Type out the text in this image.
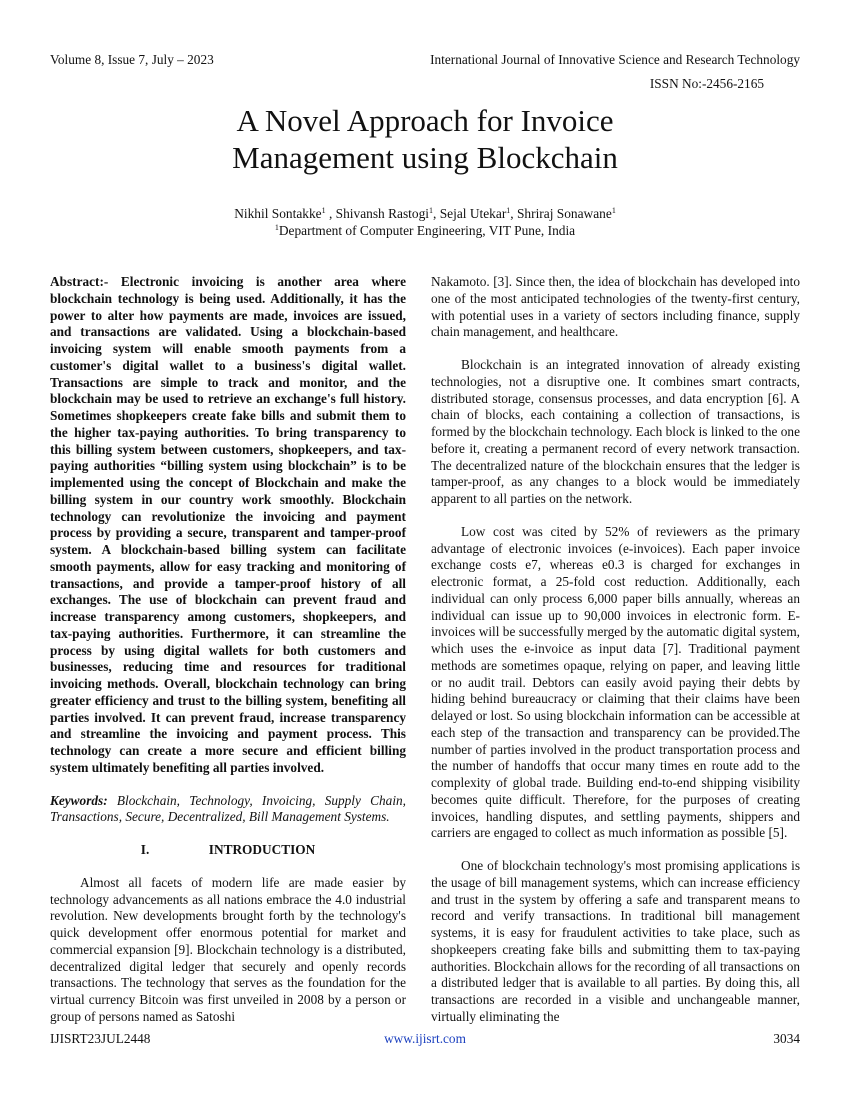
Volume 8, Issue 7, July – 2023	International Journal of Innovative Science and Research Technology
ISSN No:-2456-2165
A Novel Approach for Invoice
Management using Blockchain
Nikhil Sontakke$^1$ , Shivansh Rastogi$^1$, Sejal Utekar$^1$, Shriraj Sonawane$^1$
$^1$Department of Computer Engineering, VIT Pune, India

Abstract:- Electronic invoicing is another area where blockchain technology is being used. Additionally, it has the power to alter how payments are made, invoices are issued, and transactions are validated. Using a blockchain-based invoicing system will enable smooth payments from a customer's digital wallet to a business's digital wallet. Transactions are simple to track and monitor, and the blockchain may be used to retrieve an exchange's full history. Sometimes shopkeepers create fake bills and submit them to the higher tax-paying authorities. To bring transparency to this billing system between customers, shopkeepers, and tax-paying authorities “billing system using blockchain” is to be implemented using the concept of Blockchain and make the billing system in our country work smoothly. Blockchain technology can revolutionize the invoicing and payment process by providing a secure, transparent and tamper-proof system. A blockchain-based billing system can facilitate smooth payments, allow for easy tracking and monitoring of transactions, and provide a tamper-proof history of all exchanges. The use of blockchain can prevent fraud and increase transparency among customers, shopkeepers, and tax-paying authorities. Furthermore, it can streamline the process by using digital wallets for both customers and businesses, reducing time and resources for traditional invoicing methods. Overall, blockchain technology can bring greater efficiency and trust to the billing system, benefiting all parties involved. It can prevent fraud, increase transparency and streamline the invoicing and payment process. This technology can create a more secure and efficient billing system ultimately benefiting all parties involved.

Keywords: Blockchain, Technology, Invoicing, Supply Chain, Transactions, Secure, Decentralized, Bill Management Systems.

I.	INTRODUCTION

Almost all facets of modern life are made easier by technology advancements as all nations embrace the 4.0 industrial revolution. New developments brought forth by the technology's quick development offer enormous potential for market and commercial expansion [9]. Blockchain technology is a distributed, decentralized digital ledger that securely and openly records transactions. The technology that serves as the foundation for the virtual currency Bitcoin was first unveiled in 2008 by a person or group of persons named as Satoshi

Nakamoto. [3]. Since then, the idea of blockchain has developed into one of the most anticipated technologies of the twenty-first century, with potential uses in a variety of sectors including finance, supply chain management, and healthcare.

Blockchain is an integrated innovation of already existing technologies, not a disruptive one. It combines smart contracts, distributed storage, consensus processes, and data encryption [6]. A chain of blocks, each containing a collection of transactions, is formed by the blockchain technology. Each block is linked to the one before it, creating a permanent record of every network transaction. The decentralized nature of the blockchain ensures that the ledger is tamper-proof, as any changes to a block would be immediately apparent to all parties on the network.

Low cost was cited by 52% of reviewers as the primary advantage of electronic invoices (e-invoices). Each paper invoice exchange costs e7, whereas e0.3 is charged for exchanges in electronic format, a 25-fold cost reduction. Additionally, each individual can only process 6,000 paper bills annually, whereas an individual can issue up to 90,000 invoices in electronic form. E-invoices will be successfully merged by the automatic digital system, which uses the e-invoice as input data [7]. Traditional payment methods are sometimes opaque, relying on paper, and leaving little or no audit trail. Debtors can easily avoid paying their debts by hiding behind bureaucracy or claiming that their claims have been delayed or lost. So using blockchain information can be accessible at each step of the transaction and transparency can be provided.The number of parties involved in the product transportation process and the number of handoffs that occur many times en route add to the complexity of global trade. Building end-to-end shipping visibility becomes quite difficult. Therefore, for the purposes of creating invoices, handling disputes, and settling payments, shippers and carriers are engaged to collect as much information as possible [5].

One of blockchain technology's most promising applications is the usage of bill management systems, which can increase efficiency and trust in the system by offering a safe and transparent means to record and verify transactions. In traditional bill management systems, it is easy for fraudulent activities to take place, such as shopkeepers creating fake bills and submitting them to tax-paying authorities. Blockchain allows for the recording of all transactions on a distributed ledger that is available to all parties. By doing this, all transactions are recorded in a visible and unchangeable manner, virtually eliminating the

IJISRT23JUL2448	www.ijisrt.com	3034
